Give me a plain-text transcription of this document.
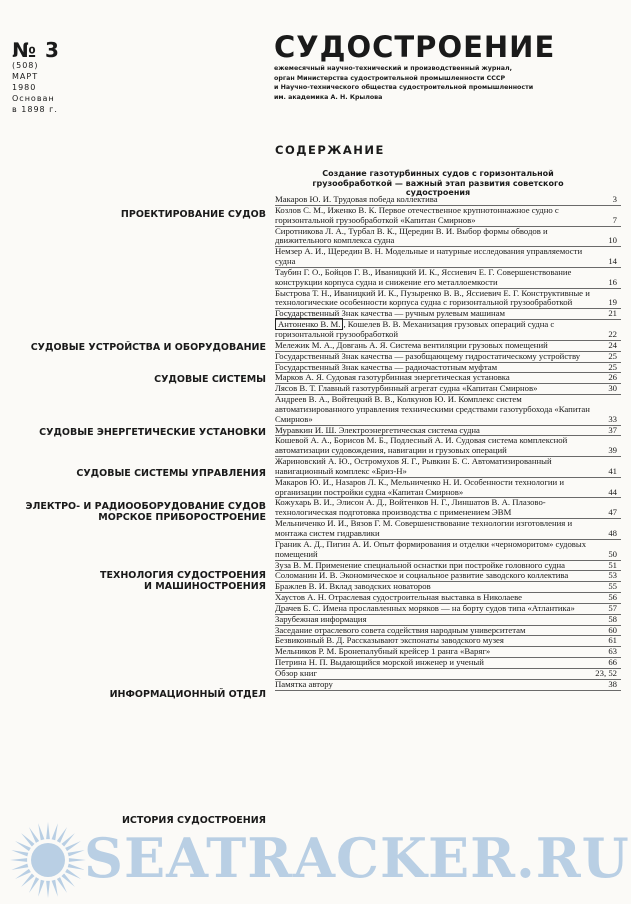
№ 3
(508)
МАРТ
1980
Основан
в 1898 г.
СУДОСТРОЕНИЕ
ежемесячный научно-технический и производственный журнал,
орган Министерства судостроительной промышленности СССР
и Научно-технического общества судостроительной промышленности
им. академика А. Н. Крылова
СОДЕРЖАНИЕ
Создание газотурбинных судов с горизонтальной грузообработкой — важный этап развития советского судостроения
ПРОЕКТИРОВАНИЕ СУДОВ
СУДОВЫЕ УСТРОЙСТВА И ОБОРУДОВАНИЕ
СУДОВЫЕ СИСТЕМЫ
СУДОВЫЕ ЭНЕРГЕТИЧЕСКИЕ УСТАНОВКИ
СУДОВЫЕ СИСТЕМЫ УПРАВЛЕНИЯ
ЭЛЕКТРО- И РАДИООБОРУДОВАНИЕ СУДОВ
МОРСКОЕ ПРИБОРОСТРОЕНИЕ
ТЕХНОЛОГИЯ СУДОСТРОЕНИЯ
И МАШИНОСТРОЕНИЯ
ИНФОРМАЦИОННЫЙ ОТДЕЛ
ИСТОРИЯ СУДОСТРОЕНИЯ
Макаров Ю. И. Трудовая победа коллектива	3
Козлов С. М., Иженко В. К. Первое отечественное крупнотоннажное судно с горизонтальной грузообработкой «Капитан Смирнов»	7
Сиротникова Л. А., Турбал В. К., Щередин В. И. Выбор формы обводов и движительного комплекса судна	10
Немзер А. И., Щередин В. Н. Модельные и натурные исследования управляемости судна	14
Таубин Г. О., Бойцов Г. В., Иваницкий И. К., Яссиевич Е. Г. Совершенствование конструкции корпуса судна и снижение его металлоемкости	16
Быстрова Т. Н., Иваницкий И. К., Пузыренко В. В., Яссиевич Е. Г. Конструктивные и технологические особенности корпуса судна с горизонтальной грузообработкой	19
Государственный Знак качества — ручным рулевым машинам	21
Антоненко В. М. , Кошелев В. В. Механизация грузовых операций судна с горизонтальной грузообработкой	22
Мележик М. А., Довгань А. Я. Система вентиляции грузовых помещений	24
Государственный Знак качества — разобщающему гидростатическому устройству	25
Государственный Знак качества — радиочастотным муфтам	25
Марков А. Я. Судовая газотурбинная энергетическая установка	26
Лясов В. Т. Главный газотурбинный агрегат судна «Капитан Смирнов»	30
Андреев В. А., Войтецкий В. В., Колкунов Ю. И. Комплекс систем автоматизированного управления техническими средствами газотурбохода «Капитан Смирнов»	33
Муравкин И. Ш. Электроэнергетическая система судна	37
Кошевой А. А., Борисов М. Б., Подлесный А. И. Судовая система комплексной автоматизации судовождения, навигации и грузовых операций	39
Жариновский А. Ю., Остромухов Я. Г., Рывкин Б. С. Автоматизированный навигационный комплекс «Бриз-Н»	41
Макаров Ю. И., Назаров Л. К., Мельниченко Н. И. Особенности технологии и организации постройки судна «Капитан Смирнов»	44
Кожухарь В. И., Элисон А. Д., Войтенков Н. Г., Линшатов В. А. Плазово-технологическая подготовка производства с применением ЭВМ	47
Мельниченко И. И., Вязов Г. М. Совершенствование технологии изготовления и монтажа систем гидравлики	48
Граник А. Д., Пигин А. И. Опыт формирования и отделки «черноморитом» судовых помещений	50
Зуза В. М. Применение специальной оснастки при постройке головного судна	51
Соломанин И. В. Экономическое и социальное развитие заводского коллектива	53
Бражлев В. И. Вклад заводских новаторов	55
Хаустов А. Н. Отраслевая судостроительная выставка в Николаеве	56
Драчев Б. С. Имена прославленных моряков — на борту судов типа «Атлантика»	57
Зарубежная информация	58
Заседание отраслевого совета содействия народным университетам	60
Безвиконный В. Д. Рассказывают экспонаты заводского музея	61
Мельников Р. М. Бронепалубный крейсер 1 ранга «Варяг»	63
Петрина Н. П. Выдающийся морской инженер и ученый	66
Обзор книг	23, 52
Памятка автору	38
SEATRACKER.RU
